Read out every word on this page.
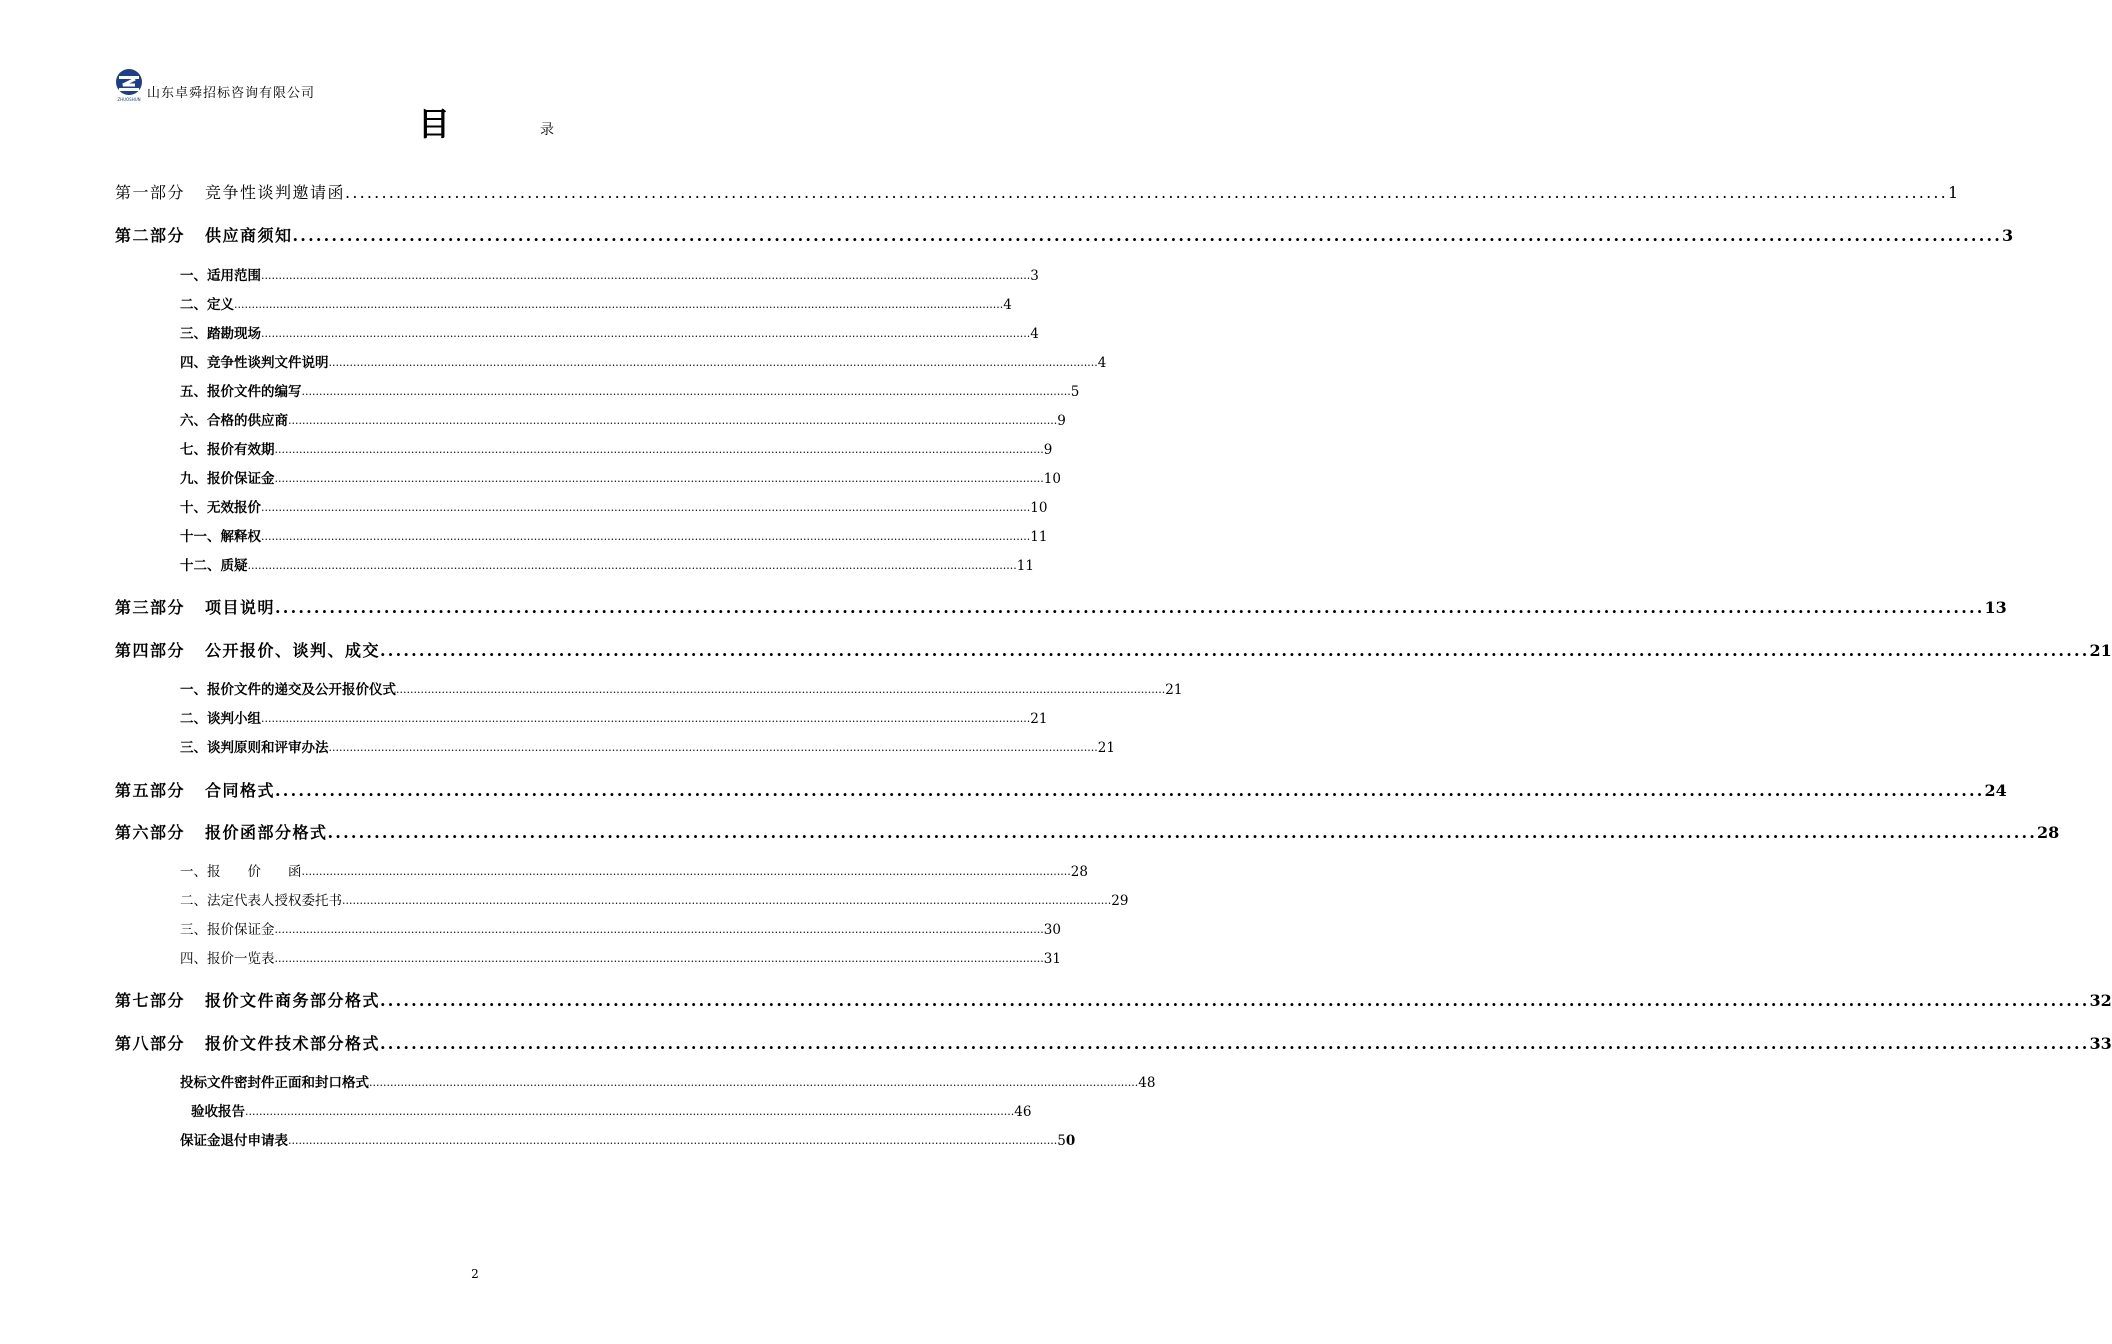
ZHUOSHUN 山东卓舜招标咨询有限公司
目	录
第一部分 竞争性谈判邀请函 ............................................................................................................................................................................................................................ 1
第二部分 供应商须知 ............................................................................................................................................................................................................................ 3
一、适用范围 ............................................................................................................................................................................................................................ 3
二、定义 ............................................................................................................................................................................................................................ 4
三、踏勘现场 ............................................................................................................................................................................................................................ 4
四、竞争性谈判文件说明 ............................................................................................................................................................................................................................ 4
五、报价文件的编写 ............................................................................................................................................................................................................................ 5
六、合格的供应商 ............................................................................................................................................................................................................................ 9
七、报价有效期 ............................................................................................................................................................................................................................ 9
九、报价保证金 ............................................................................................................................................................................................................................ 10
十、无效报价 ............................................................................................................................................................................................................................ 10
十一、解释权 ............................................................................................................................................................................................................................ 11
十二、质疑 ............................................................................................................................................................................................................................ 11
第三部分 项目说明 ............................................................................................................................................................................................................................ 13
第四部分 公开报价、谈判、成交 ............................................................................................................................................................................................................................ 21
一、报价文件的递交及公开报价仪式 ............................................................................................................................................................................................................................ 21
二、谈判小组 ............................................................................................................................................................................................................................ 21
三、谈判原则和评审办法 ............................................................................................................................................................................................................................ 21
第五部分 合同格式 ............................................................................................................................................................................................................................ 24
第六部分 报价函部分格式 ............................................................................................................................................................................................................................ 28
一、报　　价　　函 ............................................................................................................................................................................................................................ 28
二、法定代表人授权委托书 ............................................................................................................................................................................................................................ 29
三、报价保证金 ............................................................................................................................................................................................................................ 30
四、报价一览表 ............................................................................................................................................................................................................................ 31
第七部分 报价文件商务部分格式 ............................................................................................................................................................................................................................ 32
第八部分 报价文件技术部分格式 ............................................................................................................................................................................................................................ 33
投标文件密封件正面和封口格式 ............................................................................................................................................................................................................................ 48
验收报告 ............................................................................................................................................................................................................................ 46
保证金退付申请表 ............................................................................................................................................................................................................................ 50
2
